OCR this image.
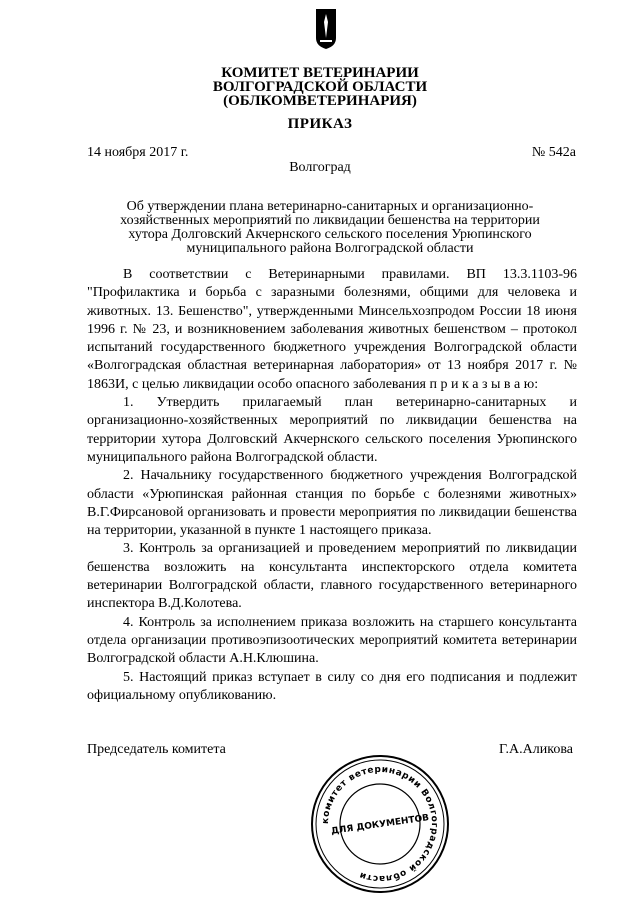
КОМИТЕТ ВЕТЕРИНАРИИ
ВОЛГОГРАДСКОЙ ОБЛАСТИ
(ОБЛКОМВЕТЕРИНАРИЯ)
ПРИКАЗ
14 ноября 2017 г.	№ 542а
Волгоград
Об утверждении плана ветеринарно-санитарных и организационно-
хозяйственных мероприятий по ликвидации бешенства на территории
хутора Долговский Акчернского сельского поселения Урюпинского
муниципального района Волгоградской области

В соответствии с Ветеринарными правилами. ВП 13.3.1103-96 "Профилактика и борьба с заразными болезнями, общими для человека и животных. 13. Бешенство", утвержденными Минсельхозпродом России 18 июня 1996 г. № 23, и возникновением заболевания животных бешенством – протокол испытаний государственного бюджетного учреждения Волгоградской области «Волгоградская областная ветеринарная лаборатория» от 13 ноября 2017 г. № 1863И, с целью ликвидации особо опасного заболевания п р и к а з ы в а ю:

1. Утвердить прилагаемый план ветеринарно-санитарных и организационно-хозяйственных мероприятий по ликвидации бешенства на территории хутора Долговский Акчернского сельского поселения Урюпинского муниципального района Волгоградской области.

2. Начальнику государственного бюджетного учреждения Волгоградской области «Урюпинская районная станция по борьбе с болезнями животных» В.Г.Фирсановой организовать и провести мероприятия по ликвидации бешенства на территории, указанной в пункте 1 настоящего приказа.

3. Контроль за организацией и проведением мероприятий по ликвидации бешенства возложить на консультанта инспекторского отдела комитета ветеринарии Волгоградской области, главного государственного ветеринарного инспектора В.Д.Колотева.

4. Контроль за исполнением приказа возложить на старшего консультанта отдела организации противоэпизоотических мероприятий комитета ветеринарии Волгоградской области А.Н.Клюшина.

5. Настоящий приказ вступает в силу со дня его подписания и подлежит официальному опубликованию.

Председатель комитета	Г.А.Аликова
комитет ветеринарии Волгоградской области
ДЛЯ ДОКУМЕНТОВ
